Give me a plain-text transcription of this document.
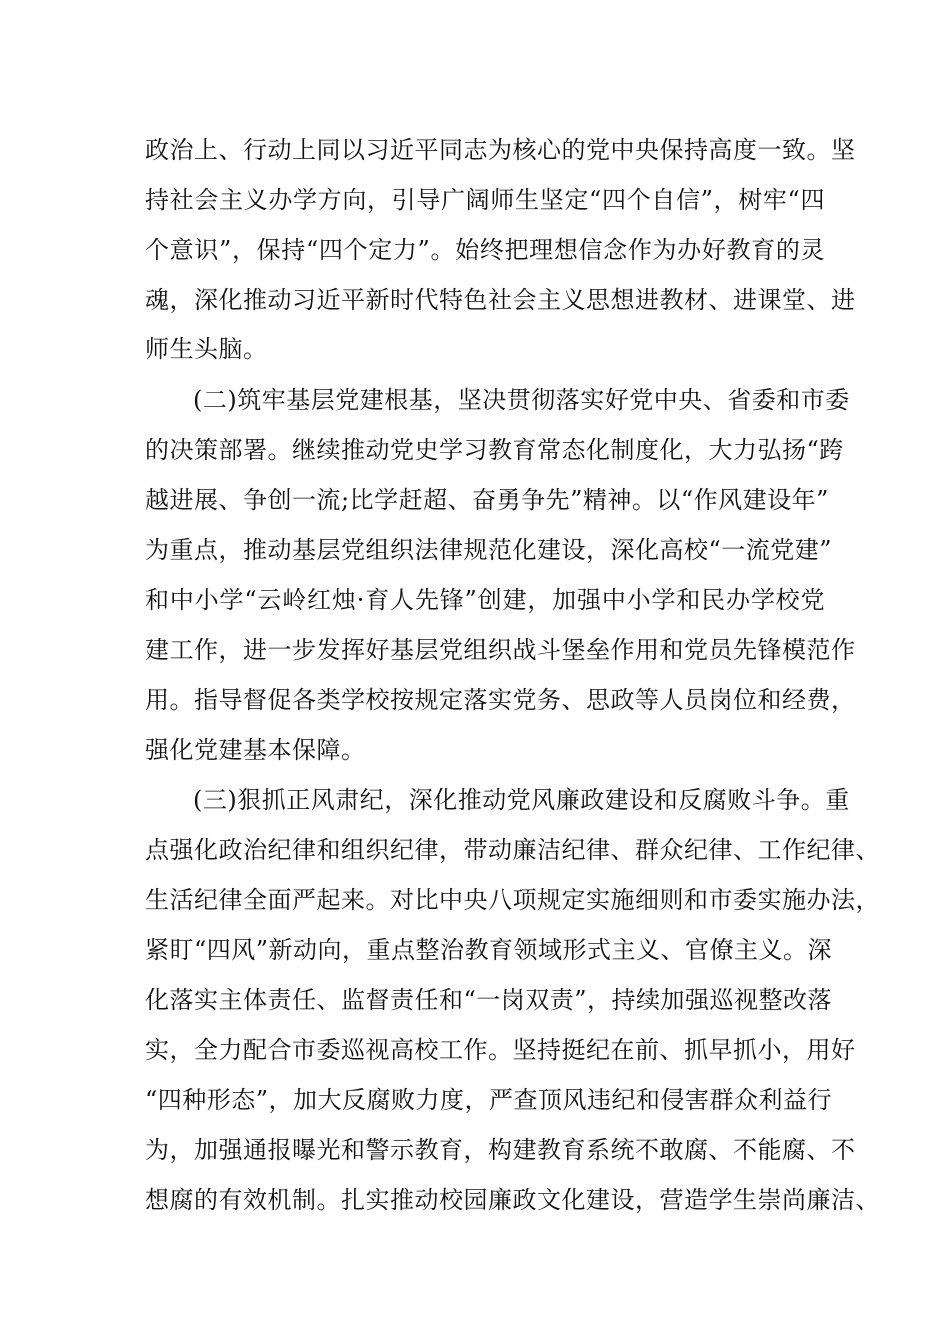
政治上、行动上同以习近平同志为核心的党中央保持高度一致。坚
持社会主义办学方向，引导广阔师生坚定“四个自信”，树牢“四
个意识”，保持“四个定力”。始终把理想信念作为办好教育的灵
魂，深化推动习近平新时代特色社会主义思想进教材、进课堂、进
师生头脑。
(二)筑牢基层党建根基，坚决贯彻落实好党中央、省委和市委
的决策部署。继续推动党史学习教育常态化制度化，大力弘扬“跨
越进展、争创一流;比学赶超、奋勇争先”精神。以“作风建设年”
为重点，推动基层党组织法律规范化建设，深化高校“一流党建”
和中小学“云岭红烛·育人先锋”创建，加强中小学和民办学校党
建工作，进一步发挥好基层党组织战斗堡垒作用和党员先锋模范作
用。指导督促各类学校按规定落实党务、思政等人员岗位和经费，
强化党建基本保障。
(三)狠抓正风肃纪，深化推动党风廉政建设和反腐败斗争。重
点强化政治纪律和组织纪律，带动廉洁纪律、群众纪律、工作纪律、
生活纪律全面严起来。对比中央八项规定实施细则和市委实施办法，
紧盯“四风”新动向，重点整治教育领域形式主义、官僚主义。深
化落实主体责任、监督责任和“一岗双责”，持续加强巡视整改落
实，全力配合市委巡视高校工作。坚持挺纪在前、抓早抓小，用好
“四种形态”，加大反腐败力度，严查顶风违纪和侵害群众利益行
为，加强通报曝光和警示教育，构建教育系统不敢腐、不能腐、不
想腐的有效机制。扎实推动校园廉政文化建设，营造学生崇尚廉洁、
